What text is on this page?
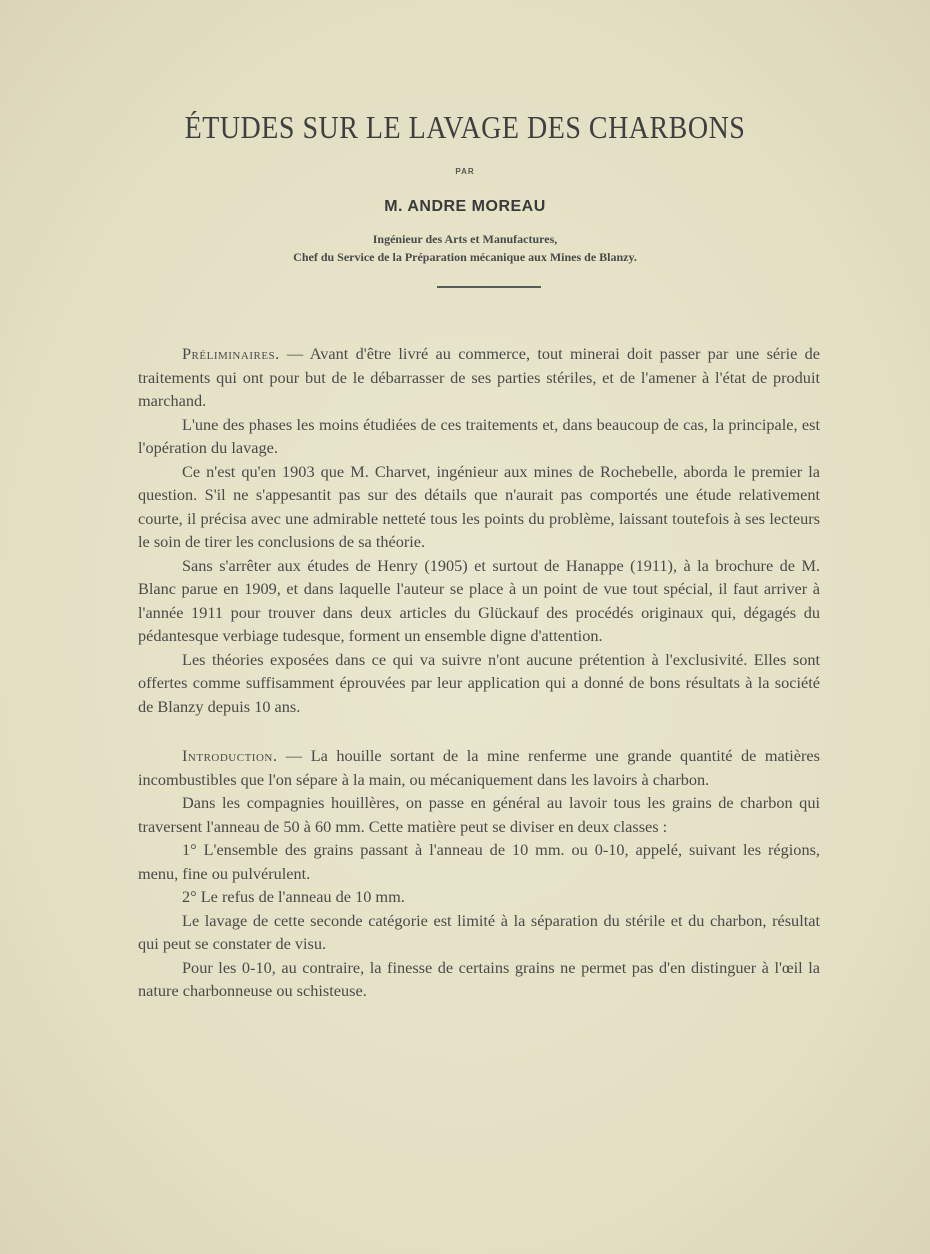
ÉTUDES SUR LE LAVAGE DES CHARBONS
PAR
M. ANDRE MOREAU
Ingénieur des Arts et Manufactures,
Chef du Service de la Préparation mécanique aux Mines de Blanzy.

Préliminaires. — Avant d'être livré au commerce, tout minerai doit passer par une série de traitements qui ont pour but de le débarrasser de ses parties stériles, et de l'amener à l'état de produit marchand.

L'une des phases les moins étudiées de ces traitements et, dans beaucoup de cas, la principale, est l'opération du lavage.

Ce n'est qu'en 1903 que M. Charvet, ingénieur aux mines de Rochebelle, aborda le premier la question. S'il ne s'appesantit pas sur des détails que n'aurait pas comportés une étude relativement courte, il précisa avec une admirable netteté tous les points du problème, laissant toutefois à ses lecteurs le soin de tirer les conclusions de sa théorie.

Sans s'arrêter aux études de Henry (1905) et surtout de Hanappe (1911), à la brochure de M. Blanc parue en 1909, et dans laquelle l'auteur se place à un point de vue tout spécial, il faut arriver à l'année 1911 pour trouver dans deux articles du Glückauf des procédés originaux qui, dégagés du pédantesque verbiage tudesque, forment un ensemble digne d'attention.

Les théories exposées dans ce qui va suivre n'ont aucune prétention à l'exclusivité. Elles sont offertes comme suffisamment éprouvées par leur application qui a donné de bons résultats à la société de Blanzy depuis 10 ans.

Introduction. — La houille sortant de la mine renferme une grande quantité de matières incombustibles que l'on sépare à la main, ou mécaniquement dans les lavoirs à charbon.

Dans les compagnies houillères, on passe en général au lavoir tous les grains de charbon qui traversent l'anneau de 50 à 60 mm. Cette matière peut se diviser en deux classes :

1° L'ensemble des grains passant à l'anneau de 10 mm. ou 0-10, appelé, suivant les régions, menu, fine ou pulvérulent.

2° Le refus de l'anneau de 10 mm.

Le lavage de cette seconde catégorie est limité à la séparation du stérile et du charbon, résultat qui peut se constater de visu.

Pour les 0-10, au contraire, la finesse de certains grains ne permet pas d'en distinguer à l'œil la nature charbonneuse ou schisteuse.
